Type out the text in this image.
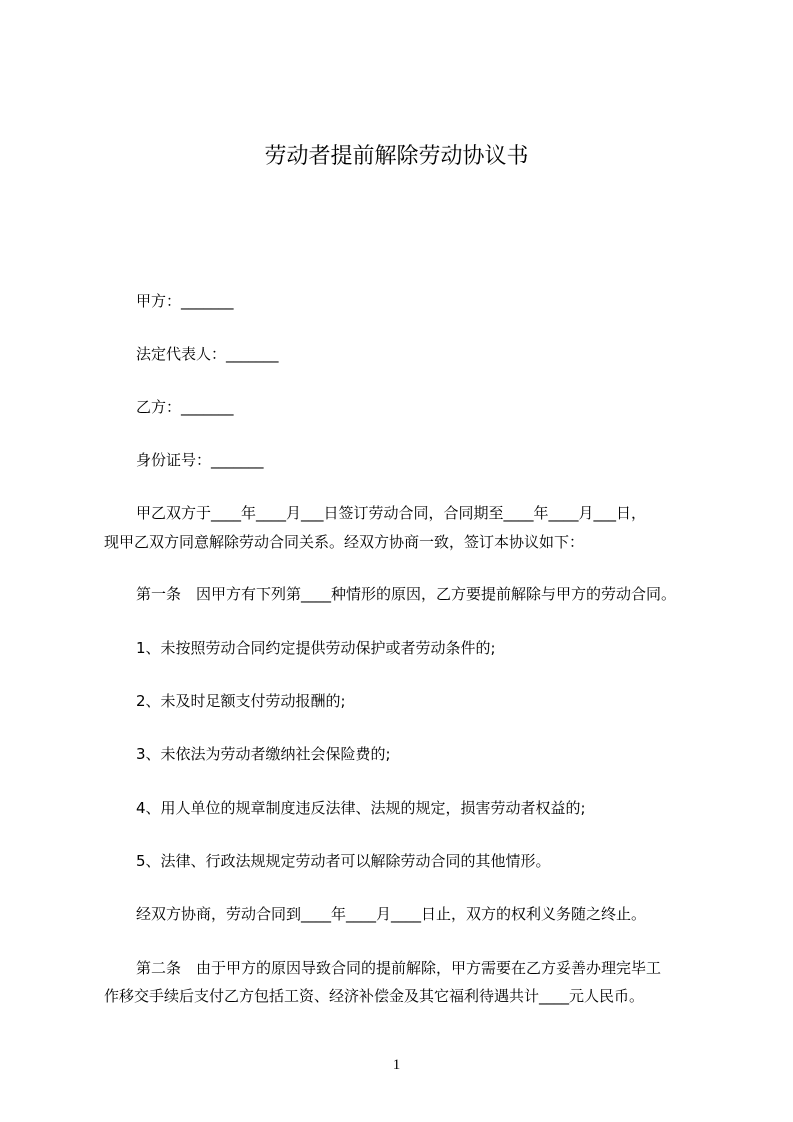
劳动者提前解除劳动协议书
甲方：_______
法定代表人：_______
乙方：_______
身份证号：_______
甲乙双方于____年____月___日签订劳动合同，合同期至____年____月___日，
现甲乙双方同意解除劳动合同关系。经双方协商一致，签订本协议如下：
第一条　因甲方有下列第____种情形的原因，乙方要提前解除与甲方的劳动合同。
1、未按照劳动合同约定提供劳动保护或者劳动条件的;
2、未及时足额支付劳动报酬的;
3、未依法为劳动者缴纳社会保险费的;
4、用人单位的规章制度违反法律、法规的规定，损害劳动者权益的;
5、法律、行政法规规定劳动者可以解除劳动合同的其他情形。
经双方协商，劳动合同到____年____月____日止，双方的权利义务随之终止。
第二条　由于甲方的原因导致合同的提前解除，甲方需要在乙方妥善办理完毕工
作移交手续后支付乙方包括工资、经济补偿金及其它福利待遇共计____元人民币。
1
